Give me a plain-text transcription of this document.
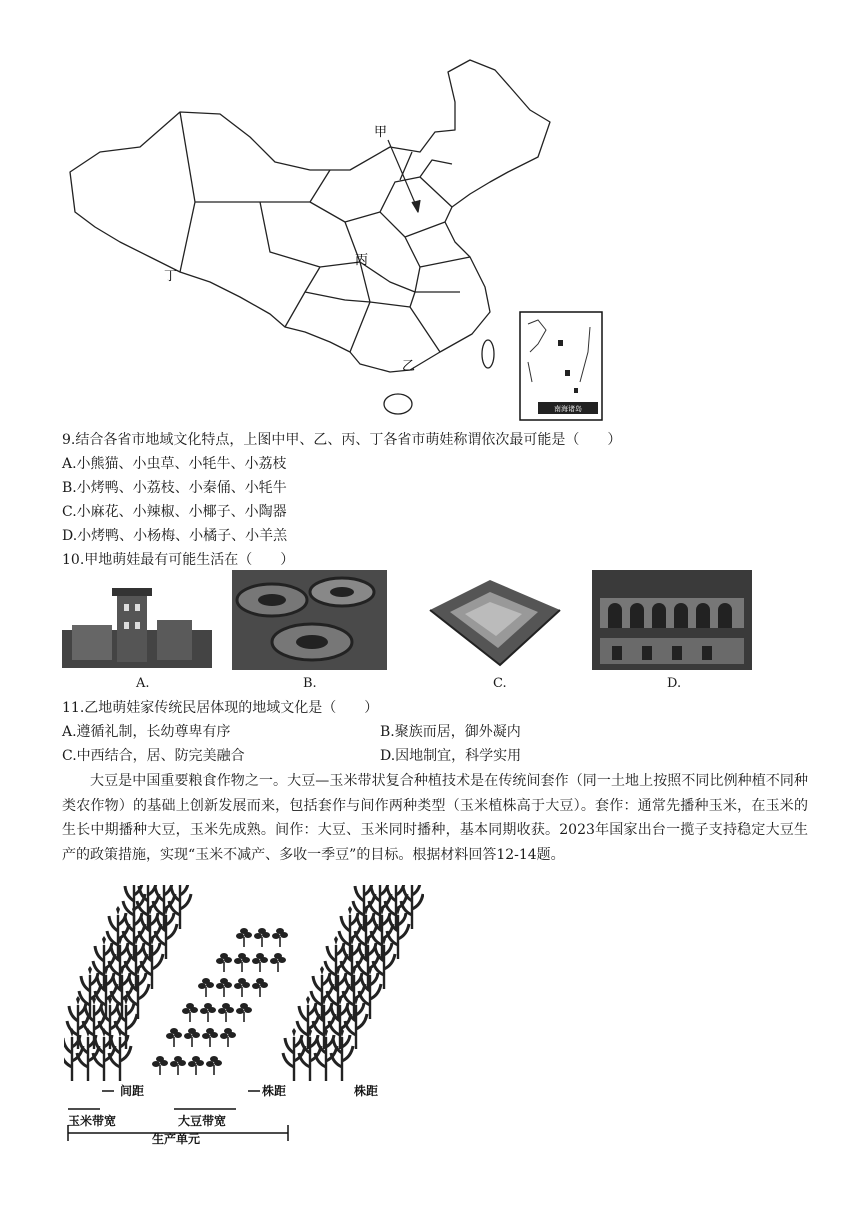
南海诸岛
甲
乙
丙
丁
9.结合各省市地域文化特点，上图中甲、乙、丙、丁各省市萌娃称谓依次最可能是（　　）
A.小熊猫、小虫草、小牦牛、小荔枝
B.小烤鸭、小荔枝、小秦俑、小牦牛
C.小麻花、小辣椒、小椰子、小陶器
D.小烤鸭、小杨梅、小橘子、小羊羔
10.甲地萌娃最有可能生活在（　　）
A.	B.	C.	D.
11.乙地萌娃家传统民居体现的地域文化是（　　）
A.遵循礼制，长幼尊卑有序	B.聚族而居，御外凝内
C.中西结合，居、防完美融合	D.因地制宜，科学实用
大豆是中国重要粮食作物之一。大豆—玉米带状复合种植技术是在传统间套作（同一土地上按照不同比例种植不同种类农作物）的基础上创新发展而来，包括套作与间作两种类型（玉米植株高于大豆）。套作：通常先播种玉米，在玉米的生长中期播种大豆，玉米先成熟。间作：大豆、玉米同时播种，基本同期收获。2023年国家出台一揽子支持稳定大豆生产的政策措施，实现“玉米不减产、多收一季豆”的目标。根据材料回答12-14题。
间距	株距	株距
玉米带宽	大豆带宽
生产单元
